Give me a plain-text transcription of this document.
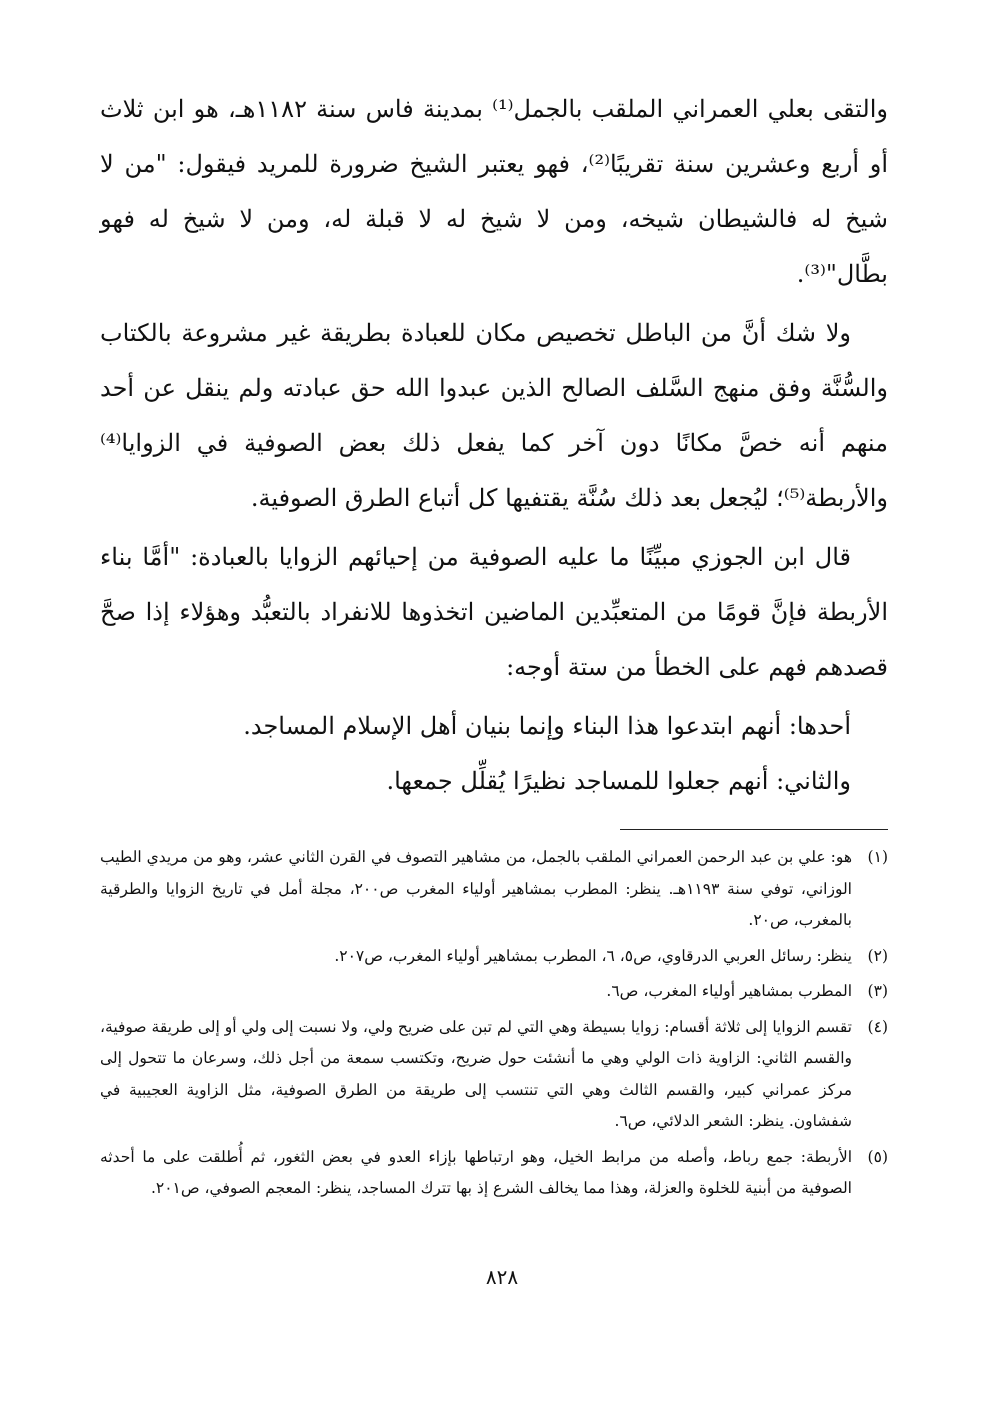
والتقى بعلي العمراني الملقب بالجمل⁽¹⁾ بمدينة فاس سنة ١١٨٢هـ، هو ابن ثلاث أو أربع وعشرين سنة تقريبًا⁽²⁾، فهو يعتبر الشيخ ضرورة للمريد فيقول: "من لا شيخ له فالشيطان شيخه، ومن لا شيخ له لا قبلة له، ومن لا شيخ له فهو بطَّال"⁽³⁾.

ولا شك أنَّ من الباطل تخصيص مكان للعبادة بطريقة غير مشروعة بالكتاب والسُّنَّة وفق منهج السَّلف الصالح الذين عبدوا الله حق عبادته ولم ينقل عن أحد منهم أنه خصَّ مكانًا دون آخر كما يفعل ذلك بعض الصوفية في الزوايا⁽⁴⁾ والأربطة⁽⁵⁾؛ ليُجعل بعد ذلك سُنَّة يقتفيها كل أتباع الطرق الصوفية.

قال ابن الجوزي مبيِّنًا ما عليه الصوفية من إحيائهم الزوايا بالعبادة: "أمَّا بناء الأربطة فإنَّ قومًا من المتعبِّدين الماضين اتخذوها للانفراد بالتعبُّد وهؤلاء إذا صحَّ قصدهم فهم على الخطأ من ستة أوجه:

أحدها: أنهم ابتدعوا هذا البناء وإنما بنيان أهل الإسلام المساجد.

والثاني: أنهم جعلوا للمساجد نظيرًا يُقلِّل جمعها.

(١)
هو: علي بن عبد الرحمن العمراني الملقب بالجمل، من مشاهير التصوف في القرن الثاني عشر، وهو من مريدي الطيب الوزاني، توفي سنة ١١٩٣هـ. ينظر: المطرب بمشاهير أولياء المغرب ص٢٠٠، مجلة أمل في تاريخ الزوايا والطرقية بالمغرب، ص٢٠.

(٢)
ينظر: رسائل العربي الدرقاوي، ص٥، ٦، المطرب بمشاهير أولياء المغرب، ص٢٠٧.

(٣)
المطرب بمشاهير أولياء المغرب، ص٦.

(٤)
تقسم الزوايا إلى ثلاثة أقسام: زوايا بسيطة وهي التي لم تبن على ضريح ولي، ولا نسبت إلى ولي أو إلى طريقة صوفية، والقسم الثاني: الزاوية ذات الولي وهي ما أنشئت حول ضريح، وتكتسب سمعة من أجل ذلك، وسرعان ما تتحول إلى مركز عمراني كبير، والقسم الثالث وهي التي تنتسب إلى طريقة من الطرق الصوفية، مثل الزاوية العجيبية في شفشاون. ينظر: الشعر الدلائي، ص٦.

(٥)
الأربطة: جمع رباط، وأصله من مرابط الخيل، وهو ارتباطها بإزاء العدو في بعض الثغور، ثم أُطلقت على ما أحدثه الصوفية من أبنية للخلوة والعزلة، وهذا مما يخالف الشرع إذ بها تترك المساجد، ينظر: المعجم الصوفي، ص٢٠١.

٨٢٨
